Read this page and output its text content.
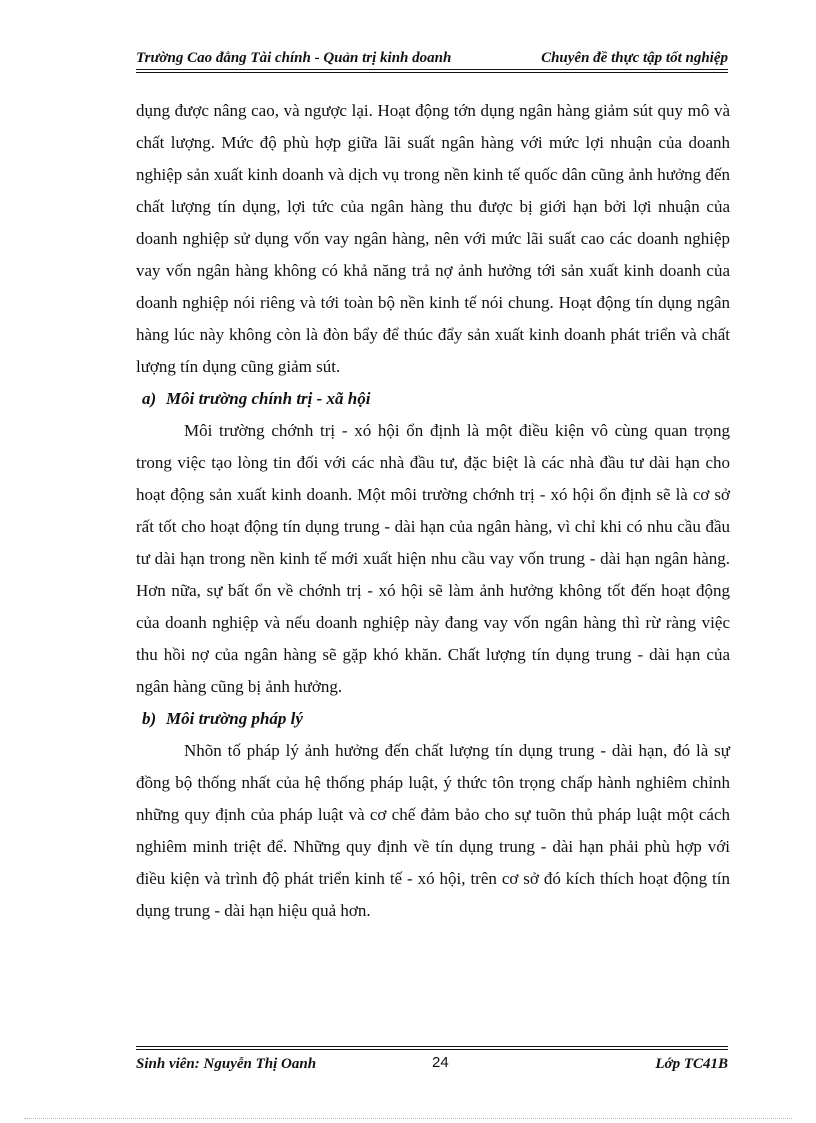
Trường Cao đẳng Tài chính - Quản trị kinh doanh	Chuyên đề thực tập tốt nghiệp

dụng được nâng cao, và ngược lại. Hoạt động tớn dụng ngân hàng giảm sút quy mô và chất lượng. Mức độ phù hợp giữa lãi suất ngân hàng với mức lợi nhuận của doanh nghiệp sản xuất kinh doanh và dịch vụ trong nền kinh tế quốc dân cũng ảnh hưởng đến chất lượng tín dụng, lợi tức của ngân hàng thu được bị giới hạn bởi lợi nhuận của doanh nghiệp sử dụng vốn vay ngân hàng, nên với mức lãi suất cao các doanh nghiệp vay vốn ngân hàng không có khả năng trả nợ ảnh hưởng tới sản xuất kinh doanh của doanh nghiệp nói riêng và tới toàn bộ nền kinh tế nói chung. Hoạt động tín dụng ngân hàng lúc này không còn là đòn bẩy để thúc đẩy sản xuất kinh doanh phát triển và chất lượng tín dụng cũng giảm sút.

a) Môi trường chính trị - xã hội

Môi trường chớnh trị - xó hội ổn định là một điều kiện vô cùng quan trọng trong việc tạo lòng tin đối với các nhà đầu tư, đặc biệt là các nhà đầu tư dài hạn cho hoạt động sản xuất kinh doanh. Một môi trường chớnh trị - xó hội ổn định sẽ là cơ sở rất tốt cho hoạt động tín dụng trung - dài hạn của ngân hàng, vì chỉ khi có nhu cầu đầu tư dài hạn trong nền kinh tế mới xuất hiện nhu cầu vay vốn trung - dài hạn ngân hàng. Hơn nữa, sự bất ổn về chớnh trị - xó hội sẽ làm ảnh hưởng không tốt đến hoạt động của doanh nghiệp và nếu doanh nghiệp này đang vay vốn ngân hàng thì rừ ràng việc thu hồi nợ của ngân hàng sẽ gặp khó khăn. Chất lượng tín dụng trung - dài hạn của ngân hàng cũng bị ảnh hưởng.

b) Môi trường pháp lý

Nhõn tố pháp lý ảnh hưởng đến chất lượng tín dụng trung - dài hạn, đó là sự đồng bộ thống nhất của hệ thống pháp luật, ý thức tôn trọng chấp hành nghiêm chỉnh những quy định của pháp luật và cơ chế đảm bảo cho sự tuõn thủ pháp luật một cách nghiêm minh triệt để. Những quy định về tín dụng trung - dài hạn phải phù hợp với điều kiện và trình độ phát triển kinh tế - xó hội, trên cơ sở đó kích thích hoạt động tín dụng trung - dài hạn hiệu quả hơn.

Sinh viên: Nguyễn Thị Oanh	24	Lớp TC41B
